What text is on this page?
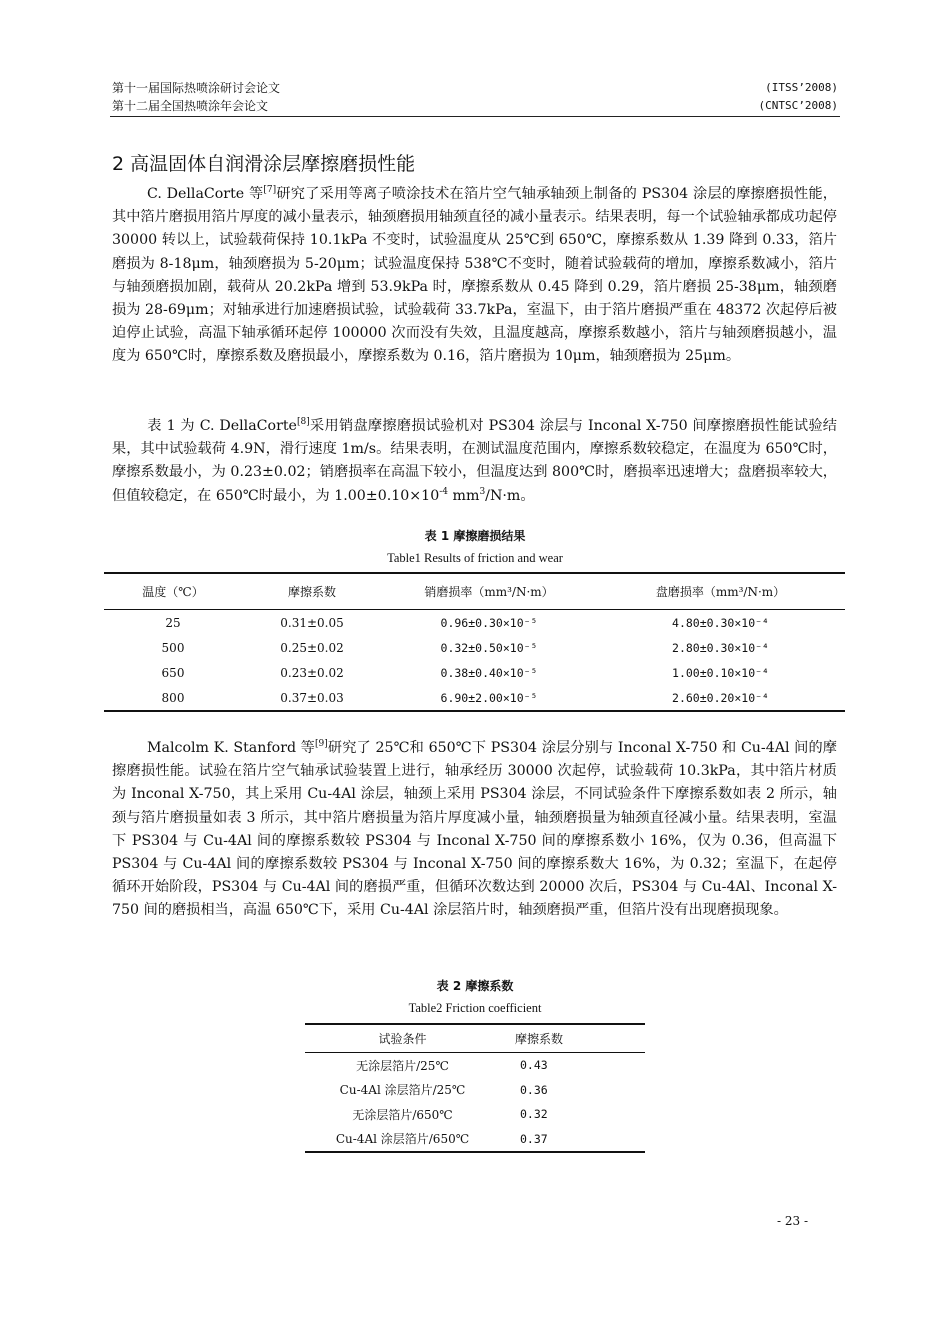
第十一届国际热喷涂研讨会论文	(ITSS’2008)
第十二届全国热喷涂年会论文	(CNTSC’2008)
2 高温固体自润滑涂层摩擦磨损性能

C. DellaCorte 等[7]研究了采用等离子喷涂技术在箔片空气轴承轴颈上制备的 PS304 涂层的摩擦磨损性能，其中箔片磨损用箔片厚度的减小量表示，轴颈磨损用轴颈直径的减小量表示。结果表明，每一个试验轴承都成功起停 30000 转以上，试验载荷保持 10.1kPa 不变时，试验温度从 25℃到 650℃，摩擦系数从 1.39 降到 0.33，箔片磨损为 8-18μm，轴颈磨损为 5-20μm；试验温度保持 538℃不变时，随着试验载荷的增加，摩擦系数减小，箔片与轴颈磨损加剧，载荷从 20.2kPa 增到 53.9kPa 时，摩擦系数从 0.45 降到 0.29，箔片磨损 25-38μm，轴颈磨损为 28-69μm；对轴承进行加速磨损试验，试验载荷 33.7kPa，室温下，由于箔片磨损严重在 48372 次起停后被迫停止试验，高温下轴承循环起停 100000 次而没有失效，且温度越高，摩擦系数越小，箔片与轴颈磨损越小，温度为 650℃时，摩擦系数及磨损最小，摩擦系数为 0.16，箔片磨损为 10μm，轴颈磨损为 25μm。

表 1 为 C. DellaCorte[8]采用销盘摩擦磨损试验机对 PS304 涂层与 Inconal X-750 间摩擦磨损性能试验结果，其中试验载荷 4.9N，滑行速度 1m/s。结果表明，在测试温度范围内，摩擦系数较稳定，在温度为 650℃时，摩擦系数最小，为 0.23±0.02；销磨损率在高温下较小，但温度达到 800℃时，磨损率迅速增大；盘磨损率较大，但值较稳定，在 650℃时最小，为 $1.00\pm 0.10\times 10^{-4}$ $mm^3/N\cdot m$。

表 1 摩擦磨损结果
Table1 Results of friction and wear
温度（℃）	摩擦系数	销磨损率（mm³/N·m）	盘磨损率（mm³/N·m）
25	0.31±0.05	0.96±0.30×10⁻⁵	4.80±0.30×10⁻⁴
500	0.25±0.02	0.32±0.50×10⁻⁵	2.80±0.30×10⁻⁴
650	0.23±0.02	0.38±0.40×10⁻⁵	1.00±0.10×10⁻⁴
800	0.37±0.03	6.90±2.00×10⁻⁵	2.60±0.20×10⁻⁴

Malcolm K. Stanford 等[9]研究了 25℃和 650℃下 PS304 涂层分别与 Inconal X-750 和 Cu-4Al 间的摩擦磨损性能。试验在箔片空气轴承试验装置上进行，轴承经历 30000 次起停，试验载荷 10.3kPa，其中箔片材质为 Inconal X-750，其上采用 Cu-4Al 涂层，轴颈上采用 PS304 涂层，不同试验条件下摩擦系数如表 2 所示，轴颈与箔片磨损量如表 3 所示，其中箔片磨损量为箔片厚度减小量，轴颈磨损量为轴颈直径减小量。结果表明，室温下 PS304 与 Cu-4Al 间的摩擦系数较 PS304 与 Inconal X-750 间的摩擦系数小 16%，仅为 0.36，但高温下 PS304 与 Cu-4Al 间的摩擦系数较 PS304 与 Inconal X-750 间的摩擦系数大 16%，为 0.32；室温下，在起停循环开始阶段，PS304 与 Cu-4Al 间的磨损严重，但循环次数达到 20000 次后，PS304 与 Cu-4Al、Inconal X-750 间的磨损相当，高温 650℃下，采用 Cu-4Al 涂层箔片时，轴颈磨损严重，但箔片没有出现磨损现象。

表 2 摩擦系数
Table2 Friction coefficient
试验条件	摩擦系数
无涂层箔片/25℃	0.43
Cu-4Al 涂层箔片/25℃	0.36
无涂层箔片/650℃	0.32
Cu-4Al 涂层箔片/650℃	0.37
- 23 -
